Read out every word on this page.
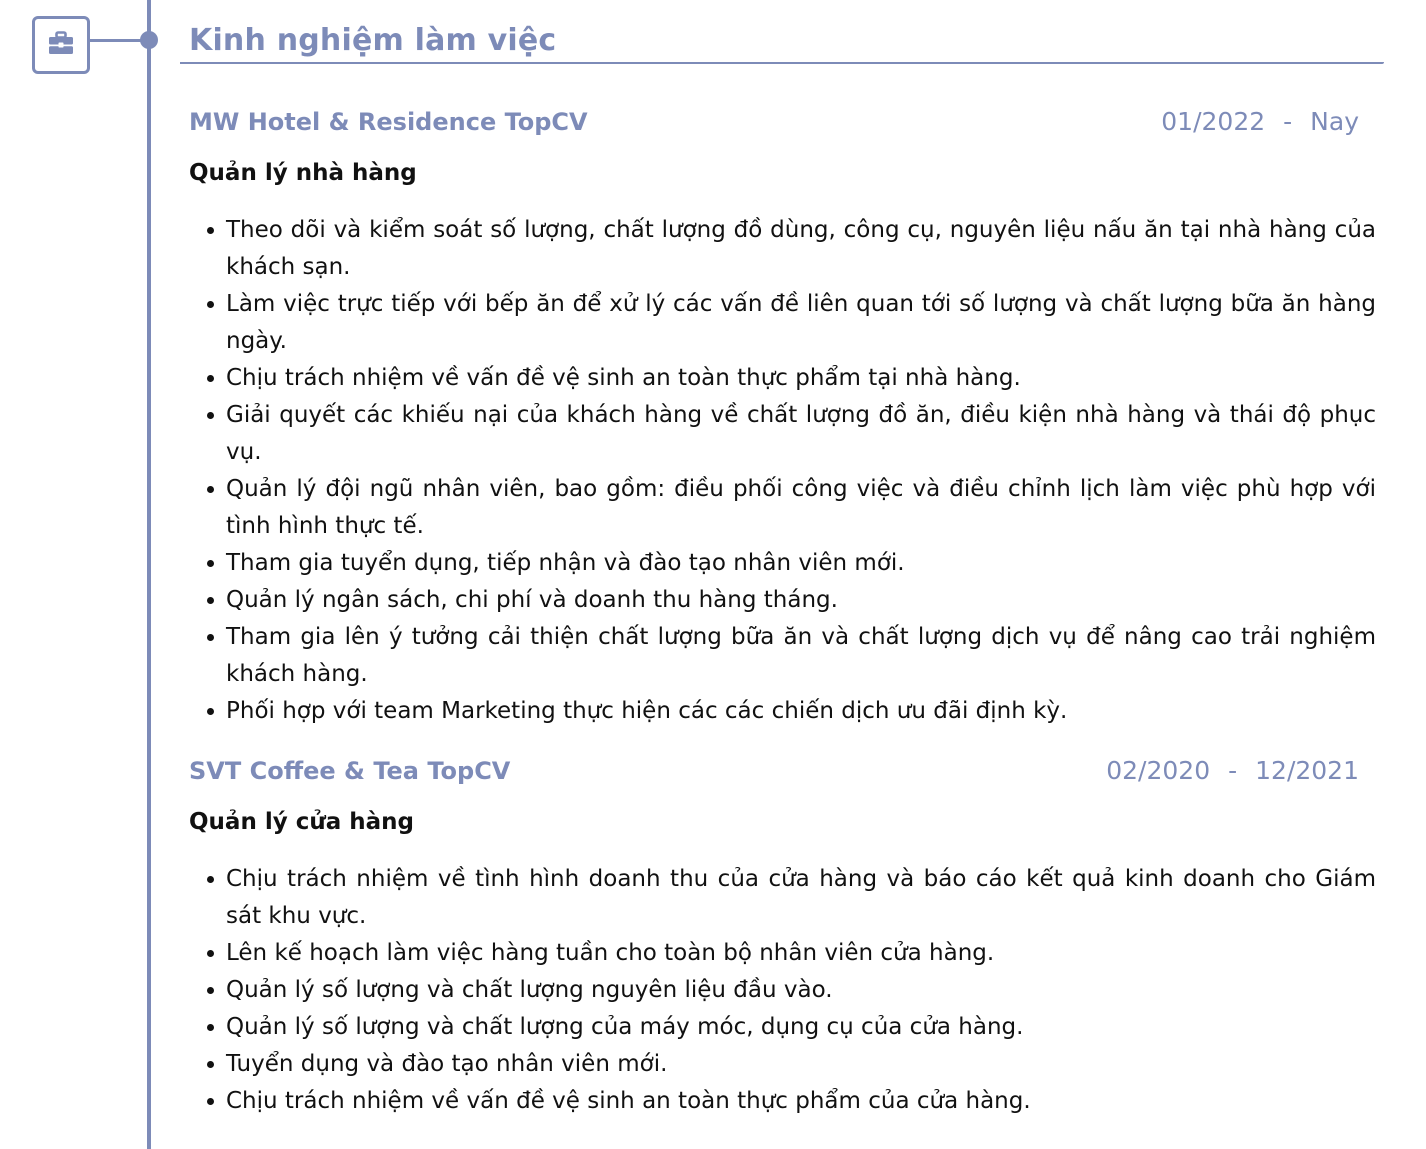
Kinh nghiệm làm việc
MW Hotel & Residence TopCV	01/2022 - Nay
Quản lý nhà hàng
Theo dõi và kiểm soát số lượng, chất lượng đồ dùng, công cụ, nguyên liệu nấu ăn tại nhà hàng của khách sạn.
Làm việc trực tiếp với bếp ăn để xử lý các vấn đề liên quan tới số lượng và chất lượng bữa ăn hàng ngày.
Chịu trách nhiệm về vấn đề vệ sinh an toàn thực phẩm tại nhà hàng.
Giải quyết các khiếu nại của khách hàng về chất lượng đồ ăn, điều kiện nhà hàng và thái độ phục vụ.
Quản lý đội ngũ nhân viên, bao gồm: điều phối công việc và điều chỉnh lịch làm việc phù hợp với tình hình thực tế.
Tham gia tuyển dụng, tiếp nhận và đào tạo nhân viên mới.
Quản lý ngân sách, chi phí và doanh thu hàng tháng.
Tham gia lên ý tưởng cải thiện chất lượng bữa ăn và chất lượng dịch vụ để nâng cao trải nghiệm khách hàng.
Phối hợp với team Marketing thực hiện các các chiến dịch ưu đãi định kỳ.
SVT Coffee & Tea TopCV	02/2020 - 12/2021
Quản lý cửa hàng
Chịu trách nhiệm về tình hình doanh thu của cửa hàng và báo cáo kết quả kinh doanh cho Giám sát khu vực.
Lên kế hoạch làm việc hàng tuần cho toàn bộ nhân viên cửa hàng.
Quản lý số lượng và chất lượng nguyên liệu đầu vào.
Quản lý số lượng và chất lượng của máy móc, dụng cụ của cửa hàng.
Tuyển dụng và đào tạo nhân viên mới.
Chịu trách nhiệm về vấn đề vệ sinh an toàn thực phẩm của cửa hàng.
